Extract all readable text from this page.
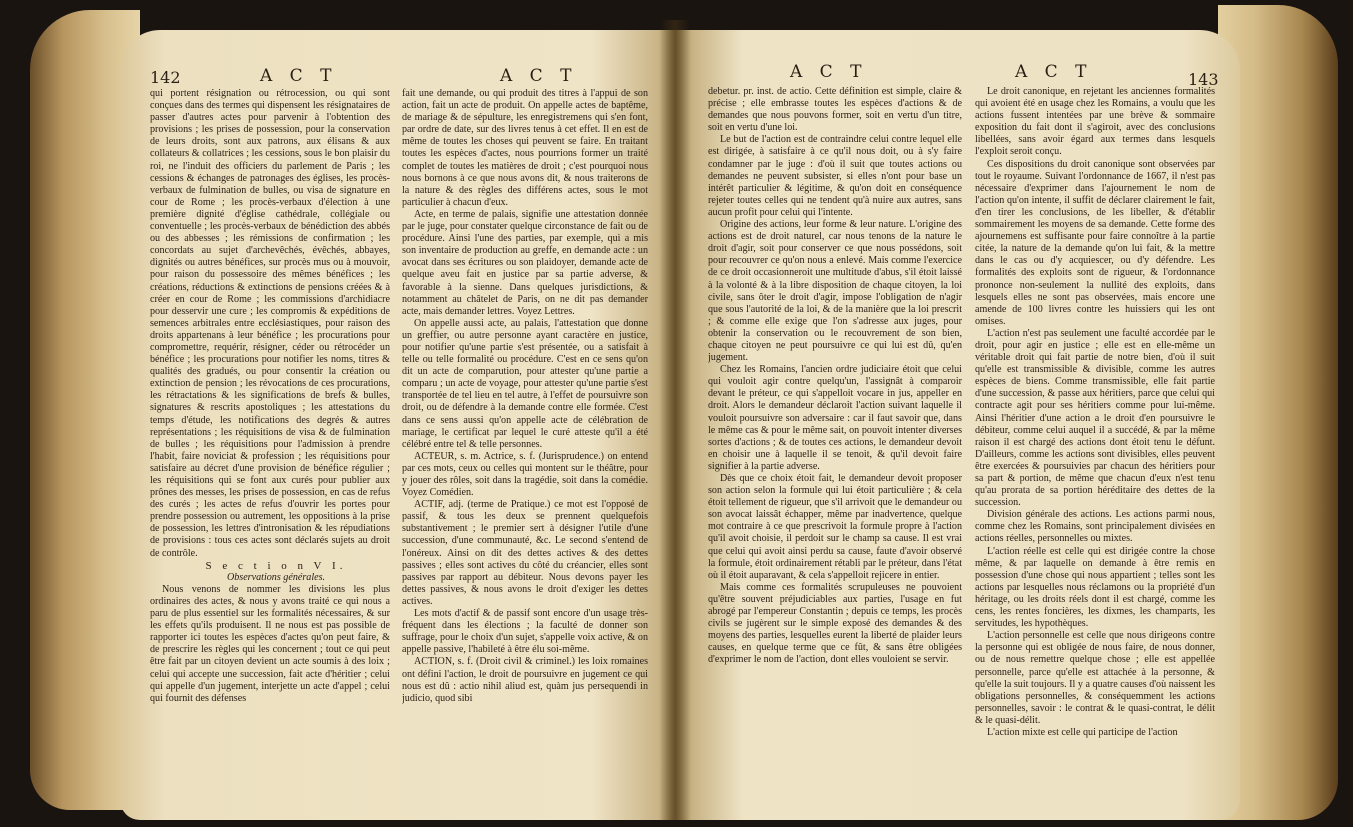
142	A C T	A C T	A C T	A C T	143

qui portent résignation ou rétrocession, ou qui sont conçues dans des termes qui dispensent les résignataires de passer d'autres actes pour parvenir à l'obtention des provisions ; les prises de possession, pour la conservation de leurs droits, sont aux patrons, aux élisans & aux collateurs & collatrices ; les cessions, sous le bon plaisir du roi, ne l'induit des officiers du parlement de Paris ; les cessions & échanges de patronages des églises, les procès-verbaux de fulmination de bulles, ou visa de signature en cour de Rome ; les procès-verbaux d'élection à une première dignité d'église cathédrale, collégiale ou conventuelle ; les procès-verbaux de bénédiction des abbés ou des abbesses ; les rémissions de confirmation ; les concordats au sujet d'archevêchés, évêchés, abbayes, dignités ou autres bénéfices, sur procès mus ou à mouvoir, pour raison du possessoire des mêmes bénéfices ; les créations, réductions & extinctions de pensions créées & à créer en cour de Rome ; les commissions d'archidiacre pour desservir une cure ; les compromis & expéditions de semences arbitrales entre ecclésiastiques, pour raison des droits appartenans à leur bénéfice ; les procurations pour compromettre, requérir, résigner, céder ou rétrocéder un bénéfice ; les procurations pour notifier les noms, titres & qualités des gradués, ou pour consentir la création ou extinction de pension ; les révocations de ces procurations, les rétractations & les significations de brefs & bulles, signatures & rescrits apostoliques ; les attestations du temps d'étude, les notifications des degrés & autres représentations ; les réquisitions de visa & de fulmination de bulles ; les réquisitions pour l'admission à prendre l'habit, faire noviciat & profession ; les réquisitions pour satisfaire au décret d'une provision de bénéfice régulier ; les réquisitions qui se font aux curés pour publier aux prônes des messes, les prises de possession, en cas de refus des curés ; les actes de refus d'ouvrir les portes pour prendre possession ou autrement, les oppositions à la prise de possession, les lettres d'intronisation & les répudiations de provisions : tous ces actes sont déclarés sujets au droit de contrôle.

S e c t i o n V I.

Observations générales.

Nous venons de nommer les divisions les plus ordinaires des actes, & nous y avons traité ce qui nous a paru de plus essentiel sur les formalités nécessaires, & sur les effets qu'ils produisent. Il ne nous est pas possible de rapporter ici toutes les espèces d'actes qu'on peut faire, & de prescrire les règles qui les concernent ; tout ce qui peut être fait par un citoyen devient un acte soumis à des loix ; celui qui accepte une succession, fait acte d'héritier ; celui qui appelle d'un jugement, interjette un acte d'appel ; celui qui fournit des défenses

fait une demande, ou qui produit des titres à l'appui de son action, fait un acte de produit. On appelle actes de baptême, de mariage & de sépulture, les enregistremens qui s'en font, par ordre de date, sur des livres tenus à cet effet. Il en est de même de toutes les choses qui peuvent se faire. En traitant toutes les espèces d'actes, nous pourrions former un traité complet de toutes les matières de droit ; c'est pourquoi nous nous bornons à ce que nous avons dit, & nous traiterons de la nature & des règles des différens actes, sous le mot particulier à chacun d'eux.

Acte, en terme de palais, signifie une attestation donnée par le juge, pour constater quelque circonstance de fait ou de procédure. Ainsi l'une des parties, par exemple, qui a mis son inventaire de production au greffe, en demande acte : un avocat dans ses écritures ou son plaidoyer, demande acte de quelque aveu fait en justice par sa partie adverse, & favorable à la sienne. Dans quelques jurisdictions, & notamment au châtelet de Paris, on ne dit pas demander acte, mais demander lettres. Voyez Lettres.

On appelle aussi acte, au palais, l'attestation que donne un greffier, ou autre personne ayant caractère en justice, pour notifier qu'une partie s'est présentée, ou a satisfait à telle ou telle formalité ou procédure. C'est en ce sens qu'on dit un acte de comparution, pour attester qu'une partie a comparu ; un acte de voyage, pour attester qu'une partie s'est transportée de tel lieu en tel autre, à l'effet de poursuivre son droit, ou de défendre à la demande contre elle formée. C'est dans ce sens aussi qu'on appelle acte de célébration de mariage, le certificat par lequel le curé atteste qu'il a été célébré entre tel & telle personnes.

ACTEUR, s. m. Actrice, s. f. (Jurisprudence.) on entend par ces mots, ceux ou celles qui montent sur le théâtre, pour y jouer des rôles, soit dans la tragédie, soit dans la comédie. Voyez Comédien.

ACTIF, adj. (terme de Pratique.) ce mot est l'opposé de passif, & tous les deux se prennent quelquefois substantivement ; le premier sert à désigner l'utile d'une succession, d'une communauté, &c. Le second s'entend de l'onéreux. Ainsi on dit des dettes actives & des dettes passives ; elles sont actives du côté du créancier, elles sont passives par rapport au débiteur. Nous devons payer les dettes passives, & nous avons le droit d'exiger les dettes actives.

Les mots d'actif & de passif sont encore d'un usage très-fréquent dans les élections ; la faculté de donner son suffrage, pour le choix d'un sujet, s'appelle voix active, & on appelle passive, l'habileté à être élu soi-même.

ACTION, s. f. (Droit civil & criminel.) les loix romaines ont défini l'action, le droit de poursuivre en jugement ce qui nous est dû : actio nihil aliud est, quàm jus persequendi in judicio, quod sibi

debetur. pr. inst. de actio. Cette définition est simple, claire & précise ; elle embrasse toutes les espèces d'actions & de demandes que nous pouvons former, soit en vertu d'un titre, soit en vertu d'une loi.

Le but de l'action est de contraindre celui contre lequel elle est dirigée, à satisfaire à ce qu'il nous doit, ou à s'y faire condamner par le juge : d'où il suit que toutes actions ou demandes ne peuvent subsister, si elles n'ont pour base un intérêt particulier & légitime, & qu'on doit en conséquence rejeter toutes celles qui ne tendent qu'à nuire aux autres, sans aucun profit pour celui qui l'intente.

Origine des actions, leur forme & leur nature. L'origine des actions est de droit naturel, car nous tenons de la nature le droit d'agir, soit pour conserver ce que nous possédons, soit pour recouvrer ce qu'on nous a enlevé. Mais comme l'exercice de ce droit occasionneroit une multitude d'abus, s'il étoit laissé à la volonté & à la libre disposition de chaque citoyen, la loi civile, sans ôter le droit d'agir, impose l'obligation de n'agir que sous l'autorité de la loi, & de la manière que la loi prescrit ; & comme elle exige que l'on s'adresse aux juges, pour obtenir la conservation ou le recouvrement de son bien, chaque citoyen ne peut poursuivre ce qui lui est dû, qu'en jugement.

Chez les Romains, l'ancien ordre judiciaire étoit que celui qui vouloit agir contre quelqu'un, l'assignât à comparoir devant le préteur, ce qui s'appelloit vocare in jus, appeller en droit. Alors le demandeur déclaroit l'action suivant laquelle il vouloit poursuivre son adversaire : car il faut savoir que, dans le même cas & pour le même sait, on pouvoit intenter diverses sortes d'actions ; & de toutes ces actions, le demandeur devoit en choisir une à laquelle il se tenoit, & qu'il devoit faire signifier à la partie adverse.

Dès que ce choix étoit fait, le demandeur devoit proposer son action selon la formule qui lui étoit particulière ; & cela étoit tellement de rigueur, que s'il arrivoit que le demandeur ou son avocat laissât échapper, même par inadvertence, quelque mot contraire à ce que prescrivoit la formule propre à l'action qu'il avoit choisie, il perdoit sur le champ sa cause. Il est vrai que celui qui avoit ainsi perdu sa cause, faute d'avoir observé la formule, étoit ordinairement rétabli par le préteur, dans l'état où il étoit auparavant, & cela s'appelloit rejicere in entier.

Mais comme ces formalités scrupuleuses ne pouvoient qu'être souvent préjudiciables aux parties, l'usage en fut abrogé par l'empereur Constantin ; depuis ce temps, les procès civils se jugèrent sur le simple exposé des demandes & des moyens des parties, lesquelles eurent la liberté de plaider leurs causes, en quelque terme que ce fût, & sans être obligées d'exprimer le nom de l'action, dont elles vouloient se servir.

Le droit canonique, en rejetant les anciennes formalités qui avoient été en usage chez les Romains, a voulu que les actions fussent intentées par une brève & sommaire exposition du fait dont il s'agiroit, avec des conclusions libellées, sans avoir égard aux termes dans lesquels l'exploit seroit conçu.

Ces dispositions du droit canonique sont observées par tout le royaume. Suivant l'ordonnance de 1667, il n'est pas nécessaire d'exprimer dans l'ajournement le nom de l'action qu'on intente, il suffit de déclarer clairement le fait, d'en tirer les conclusions, de les libeller, & d'établir sommairement les moyens de sa demande. Cette forme des ajournemens est suffisante pour faire connoître à la partie citée, la nature de la demande qu'on lui fait, & la mettre dans le cas ou d'y acquiescer, ou d'y défendre. Les formalités des exploits sont de rigueur, & l'ordonnance prononce non-seulement la nullité des exploits, dans lesquels elles ne sont pas observées, mais encore une amende de 100 livres contre les huissiers qui les ont omises.

L'action n'est pas seulement une faculté accordée par le droit, pour agir en justice ; elle est en elle-même un véritable droit qui fait partie de notre bien, d'où il suit qu'elle est transmissible & divisible, comme les autres espèces de biens. Comme transmissible, elle fait partie d'une succession, & passe aux héritiers, parce que celui qui contracte agit pour ses héritiers comme pour lui-même. Ainsi l'héritier d'une action a le droit d'en poursuivre le débiteur, comme celui auquel il a succédé, & par la même raison il est chargé des actions dont étoit tenu le défunt. D'ailleurs, comme les actions sont divisibles, elles peuvent être exercées & poursuivies par chacun des héritiers pour sa part & portion, de même que chacun d'eux n'est tenu qu'au prorata de sa portion héréditaire des dettes de la succession.

Division générale des actions. Les actions parmi nous, comme chez les Romains, sont principalement divisées en actions réelles, personnelles ou mixtes.

L'action réelle est celle qui est dirigée contre la chose même, & par laquelle on demande à être remis en possession d'une chose qui nous appartient ; telles sont les actions par lesquelles nous réclamons ou la propriété d'un héritage, ou les droits réels dont il est chargé, comme les cens, les rentes foncières, les dixmes, les champarts, les servitudes, les hypothèques.

L'action personnelle est celle que nous dirigeons contre la personne qui est obligée de nous faire, de nous donner, ou de nous remettre quelque chose ; elle est appellée personnelle, parce qu'elle est attachée à la personne, & qu'elle la suit toujours. Il y a quatre causes d'où naissent les obligations personnelles, & conséquemment les actions personnelles, savoir : le contrat & le quasi-contrat, le délit & le quasi-délit.

L'action mixte est celle qui participe de l'action
